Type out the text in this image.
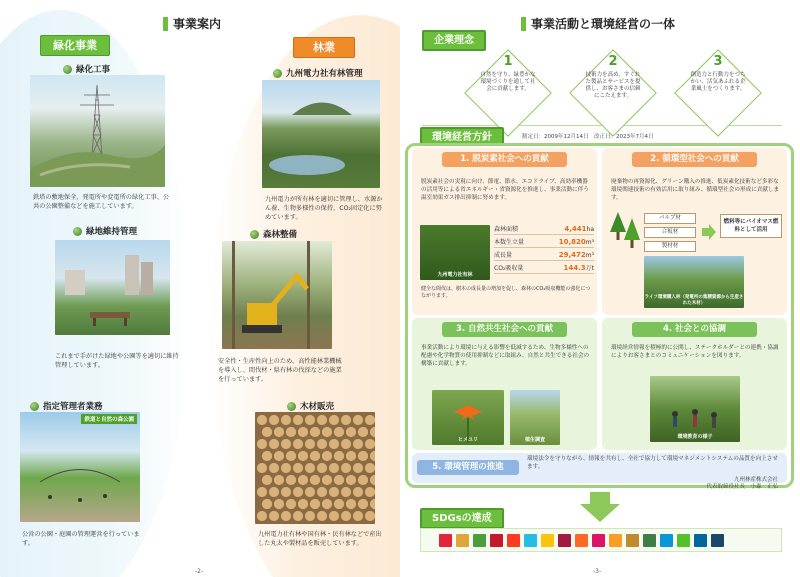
事業案内
緑化事業
緑化工事
鉄塔の敷地保全、発電所や変電所の緑化工事、公共の公園整備などを施工しています。
緑地維持管理
これまで手がけた緑地や公園等を適切に維持管理しています。
指定管理者業務
鉄道と自然の森公園
公営の公園・庭園の管理運営を行っています。
林業
九州電力社有林管理
九州電力が所有林を適切に管理し、水源かん養、生物多様性の保持、CO₂固定化に努めています。
森林整備
安全性・生産性向上のため、高性能林業機械を導入し、間伐材・県有林の伐採などの施業を行っています。
木材販売
九州電力社有林や国有林・民有林などで産出した丸太や製材品を販売しています。
-2-
事業活動と環境経営の一体
企業理念
1
自然を守り、緑豊かな環境づくりを通して社会に貢献します。
2
技術力を高め、すぐれた製品とサービスを提供し、お客さまの信頼にこたえます。
3
創造力と行動力をつちかい、活気あふれる企業風土をつくります。
環境経営方針	制定日：2009年12月14日　改正日：2023年7月4日
1. 脱炭素社会への貢献
脱炭素社会の実現に向け、節電、節水、エコドライブ、高効率機器の活用等による省エネルギー・省資源化を推進し、事業活動に伴う温室効果ガス排出抑制に努めます。
九州電力社有林
森林面積	4,441ha
本数生立量	10,820m³
成長量	29,472m³
CO₂吸収量	144.3万t
健全な間伐は、樹木の成長量の増加を促し、森林のCO₂吸収機能の強化につながります。
2. 循環型社会への貢献
廃棄物の再資源化、グリーン購入の推進、低炭素化技術など多彩な環境関連技術の有効活用に取り組み、循環型社会の形成に貢献します。
パルプ材
合板材
製材材
燃料等にバイオマス燃料として活用
ライフ環境購入林（発電所の集積資源から生産された木材）
3. 自然共生社会への貢献
事業活動により環境に与える影響を低減するため、生物多様性への配慮や化学物質の使用抑制などに取組み、自然と共生できる社会の構築に貢献します。
ヒメユリ	植生調査
4. 社会との協調
環境経営情報を積極的に公開し、ステークホルダーとの連携・協調によりお客さまとのコミュニケーションを図ります。
環境教育の様子
5. 環境管理の推進
環境法令を守りながら、情報を共有し、全社で協力して環境マネジメントシステムの品質を向上させます。
九州林産株式会社
代表取締役社長　小森　正弘
SDGsの達成
-3-
